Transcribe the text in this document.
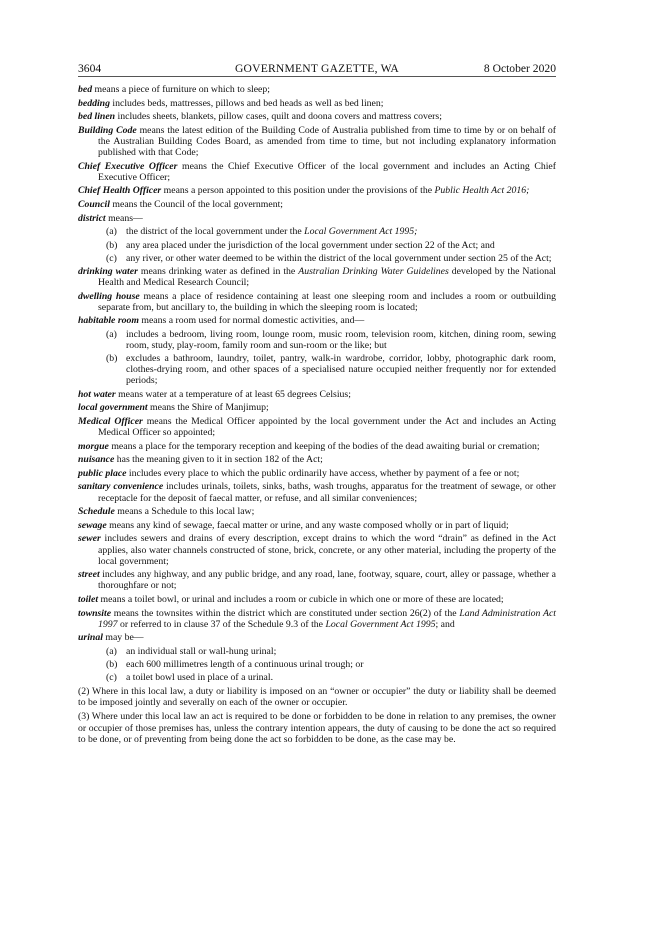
3604	GOVERNMENT GAZETTE, WA	8 October 2020

bed means a piece of furniture on which to sleep;

bedding includes beds, mattresses, pillows and bed heads as well as bed linen;

bed linen includes sheets, blankets, pillow cases, quilt and doona covers and mattress covers;

Building Code means the latest edition of the Building Code of Australia published from time to time by or on behalf of the Australian Building Codes Board, as amended from time to time, but not including explanatory information published with that Code;

Chief Executive Officer means the Chief Executive Officer of the local government and includes an Acting Chief Executive Officer;

Chief Health Officer means a person appointed to this position under the provisions of the Public Health Act 2016;

Council means the Council of the local government;

district means—

(a) the district of the local government under the Local Government Act 1995;
(b) any area placed under the jurisdiction of the local government under section 22 of the Act; and
(c) any river, or other water deemed to be within the district of the local government under section 25 of the Act;

drinking water means drinking water as defined in the Australian Drinking Water Guidelines developed by the National Health and Medical Research Council;

dwelling house means a place of residence containing at least one sleeping room and includes a room or outbuilding separate from, but ancillary to, the building in which the sleeping room is located;

habitable room means a room used for normal domestic activities, and—

(a) includes a bedroom, living room, lounge room, music room, television room, kitchen, dining room, sewing room, study, play-room, family room and sun-room or the like; but
(b) excludes a bathroom, laundry, toilet, pantry, walk-in wardrobe, corridor, lobby, photographic dark room, clothes-drying room, and other spaces of a specialised nature occupied neither frequently nor for extended periods;

hot water means water at a temperature of at least 65 degrees Celsius;

local government means the Shire of Manjimup;

Medical Officer means the Medical Officer appointed by the local government under the Act and includes an Acting Medical Officer so appointed;

morgue means a place for the temporary reception and keeping of the bodies of the dead awaiting burial or cremation;

nuisance has the meaning given to it in section 182 of the Act;

public place includes every place to which the public ordinarily have access, whether by payment of a fee or not;

sanitary convenience includes urinals, toilets, sinks, baths, wash troughs, apparatus for the treatment of sewage, or other receptacle for the deposit of faecal matter, or refuse, and all similar conveniences;

Schedule means a Schedule to this local law;

sewage means any kind of sewage, faecal matter or urine, and any waste composed wholly or in part of liquid;

sewer includes sewers and drains of every description, except drains to which the word “drain” as defined in the Act applies, also water channels constructed of stone, brick, concrete, or any other material, including the property of the local government;

street includes any highway, and any public bridge, and any road, lane, footway, square, court, alley or passage, whether a thoroughfare or not;

toilet means a toilet bowl, or urinal and includes a room or cubicle in which one or more of these are located;

townsite means the townsites within the district which are constituted under section 26(2) of the Land Administration Act 1997 or referred to in clause 37 of the Schedule 9.3 of the Local Government Act 1995; and

urinal may be—

(a) an individual stall or wall-hung urinal;
(b) each 600 millimetres length of a continuous urinal trough; or
(c) a toilet bowl used in place of a urinal.

(2) Where in this local law, a duty or liability is imposed on an “owner or occupier” the duty or liability shall be deemed to be imposed jointly and severally on each of the owner or occupier.

(3) Where under this local law an act is required to be done or forbidden to be done in relation to any premises, the owner or occupier of those premises has, unless the contrary intention appears, the duty of causing to be done the act so required to be done, or of preventing from being done the act so forbidden to be done, as the case may be.
